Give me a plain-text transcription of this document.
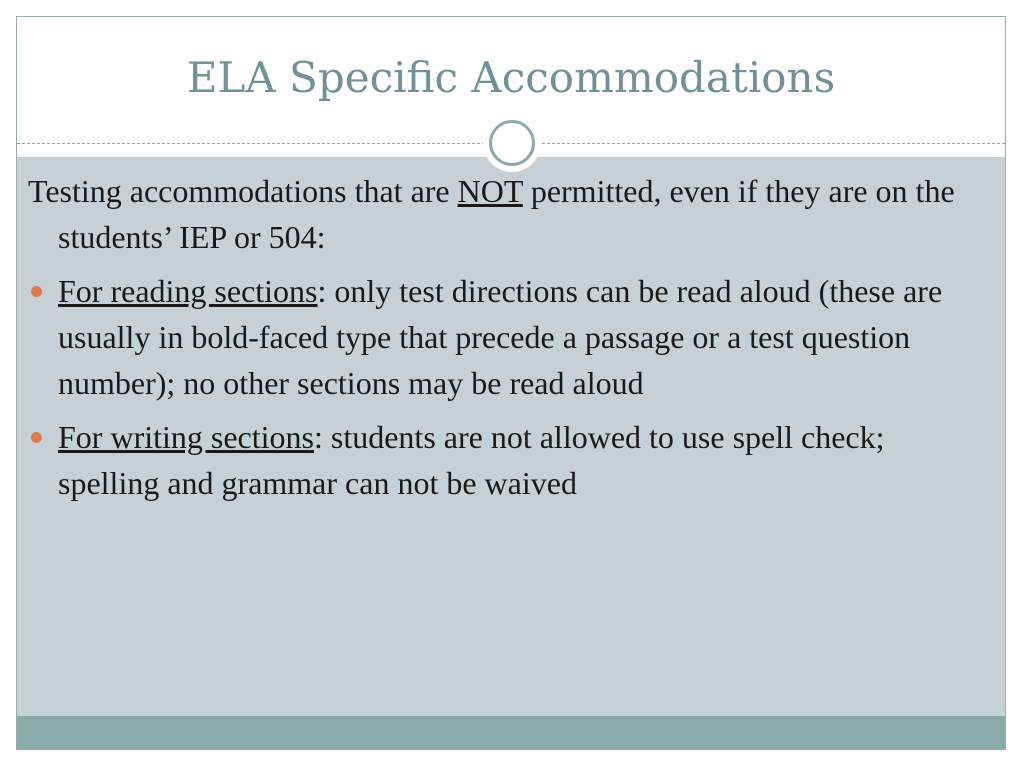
ELA Specific Accommodations

Testing accommodations that are NOT permitted, even if they are on the students’ IEP or 504:

For reading sections: only test directions can be read aloud (these are usually in bold-faced type that precede a passage or a test question number); no other sections may be read aloud

For writing sections: students are not allowed to use spell check; spelling and grammar can not be waived
